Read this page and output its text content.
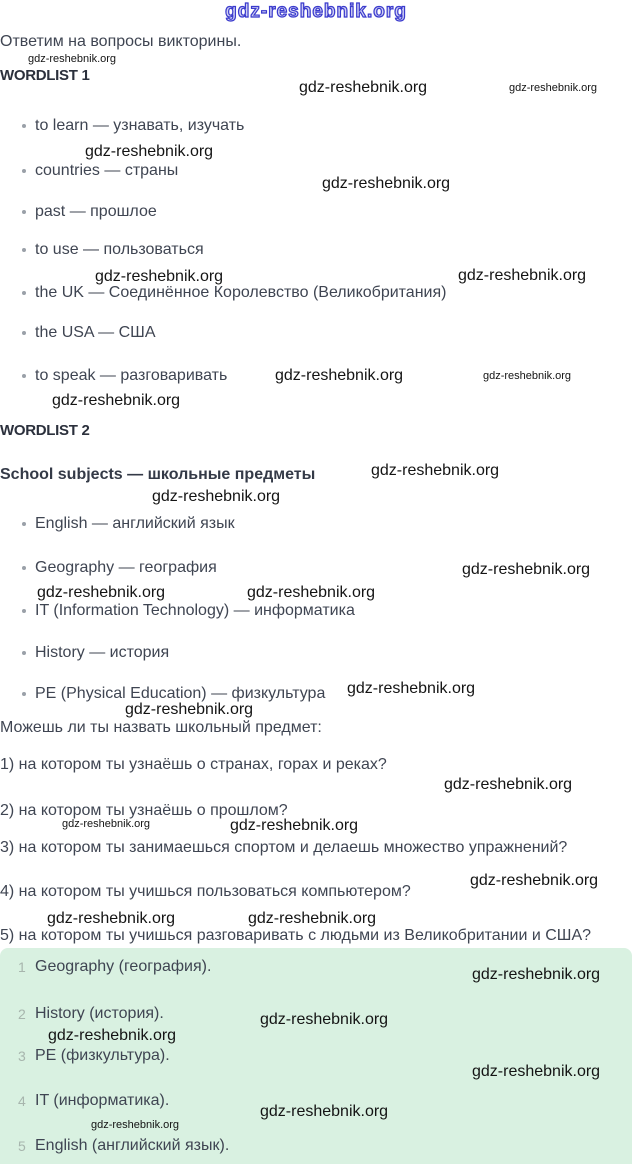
gdz-reshebnik.org
gdz-reshebnik.org	gdz-reshebnik.org
gdz-reshebnik.org
gdz-reshebnik.org
gdz-reshebnik.org	gdz-reshebnik.org
gdz-reshebnik.org	gdz-reshebnik.org
gdz-reshebnik.org
gdz-reshebnik.org
gdz-reshebnik.org
gdz-reshebnik.org
gdz-reshebnik.org	gdz-reshebnik.org
gdz-reshebnik.org
gdz-reshebnik.org
gdz-reshebnik.org
gdz-reshebnik.org	gdz-reshebnik.org
gdz-reshebnik.org
gdz-reshebnik.org	gdz-reshebnik.org
gdz-reshebnik.org
Ответим на вопросы викторины.
WORDLIST 1
to learn — узнавать, изучать
countries — страны
past — прошлое
to use — пользоваться
the UK — Соединённое Королевство (Великобритания)
the USA — США
to speak — разговаривать
WORDLIST 2
School subjects — школьные предметы
English — английский язык
Geography — география
IT (Information Technology) — информатика
History — история
PE (Physical Education) — физкультура
Можешь ли ты назвать школьный предмет:
1) на котором ты узнаёшь о странах, горах и реках?
2) на котором ты узнаёшь о прошлом?
3) на котором ты занимаешься спортом и делаешь множество упражнений?
4) на котором ты учишься пользоваться компьютером?
5) на котором ты учишься разговаривать с людьми из Великобритании и США?
1 Geography (география).
2 History (история).
3 PE (физкультура).
4 IT (информатика).
5 English (английский язык).
gdz-reshebnik.org
gdz-reshebnik.org
gdz-reshebnik.org
gdz-reshebnik.org
gdz-reshebnik.org
gdz-reshebnik.org
